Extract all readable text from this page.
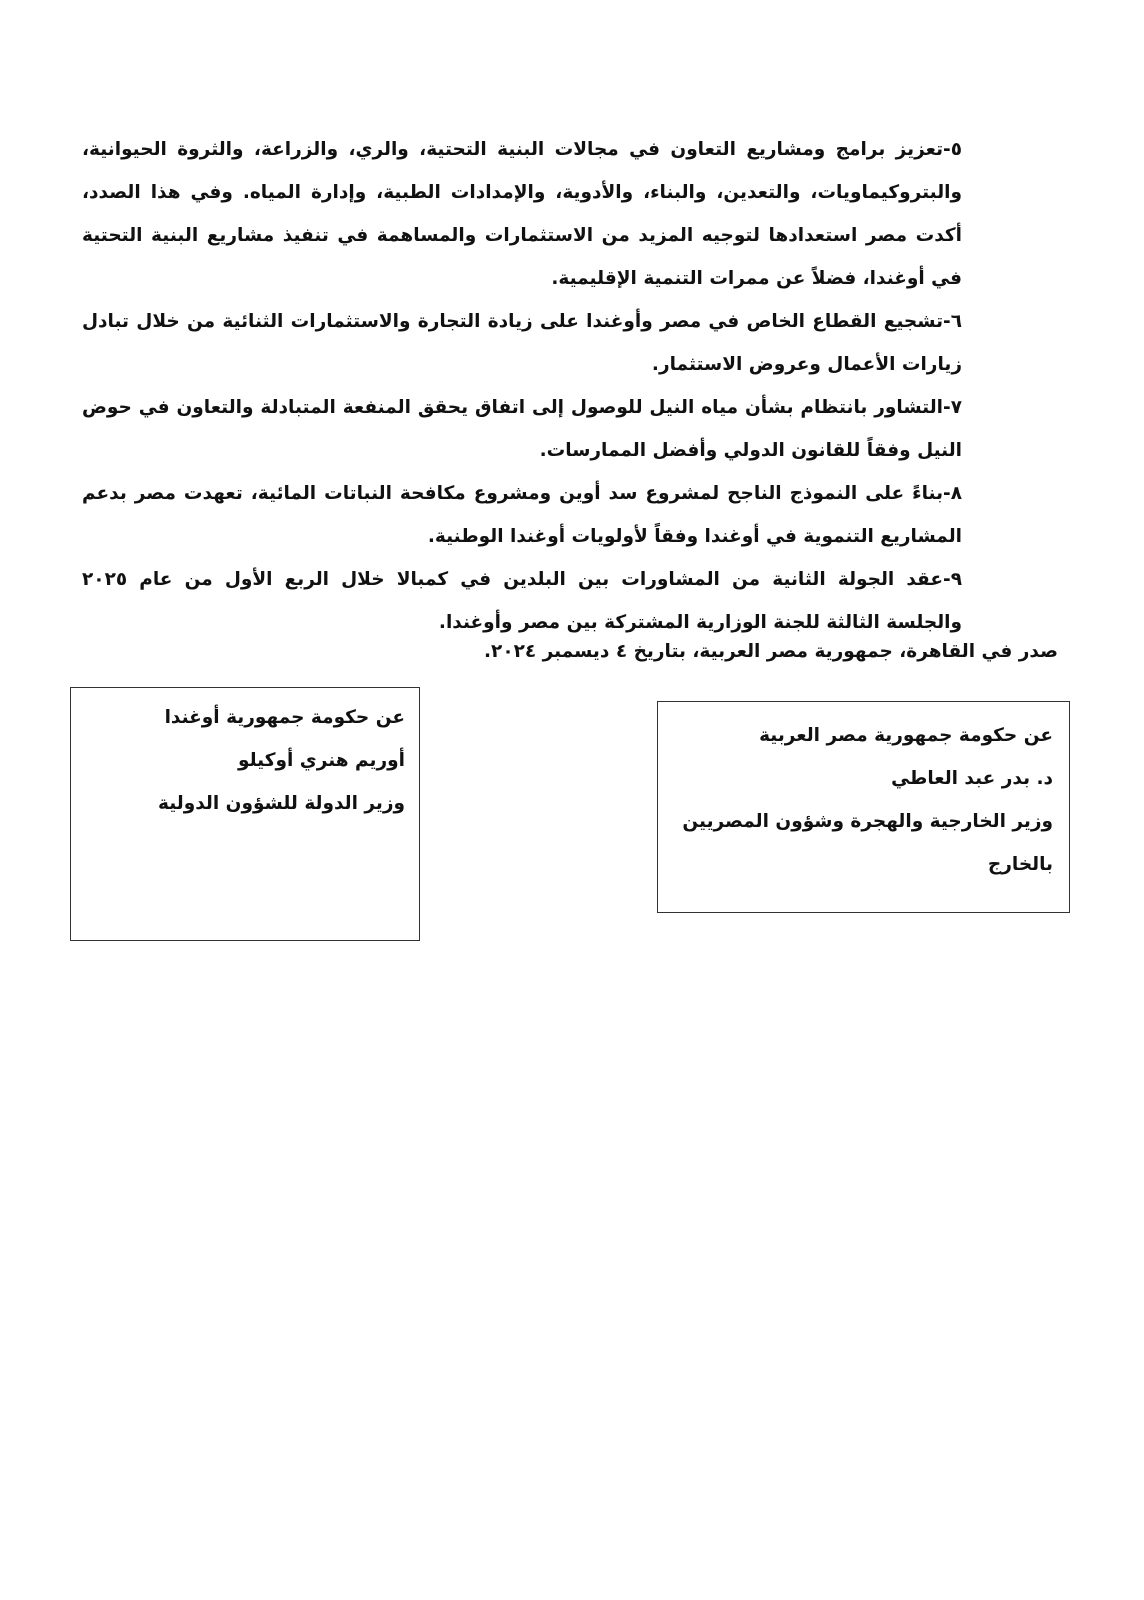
٥-تعزيز برامج ومشاريع التعاون في مجالات البنية التحتية، والري، والزراعة، والثروة الحيوانية، والبتروكيماويات، والتعدين، والبناء، والأدوية، والإمدادات الطبية، وإدارة المياه. وفي هذا الصدد، أكدت مصر استعدادها لتوجيه المزيد من الاستثمارات والمساهمة في تنفيذ مشاريع البنية التحتية في أوغندا، فضلاً عن ممرات التنمية الإقليمية.

٦-تشجيع القطاع الخاص في مصر وأوغندا على زيادة التجارة والاستثمارات الثنائية من خلال تبادل زيارات الأعمال وعروض الاستثمار.

٧-التشاور بانتظام بشأن مياه النيل للوصول إلى اتفاق يحقق المنفعة المتبادلة والتعاون في حوض النيل وفقاً للقانون الدولي وأفضل الممارسات.

٨-بناءً على النموذج الناجح لمشروع سد أوين ومشروع مكافحة النباتات المائية، تعهدت مصر بدعم المشاريع التنموية في أوغندا وفقاً لأولويات أوغندا الوطنية.

٩-عقد الجولة الثانية من المشاورات بين البلدين في كمبالا خلال الربع الأول من عام ٢٠٢٥ والجلسة الثالثة للجنة الوزارية المشتركة بين مصر وأوغندا.

صدر في القاهرة، جمهورية مصر العربية، بتاريخ ٤ ديسمبر ٢٠٢٤.
عن حكومة جمهورية مصر العربية
د. بدر عبد العاطي
وزير الخارجية والهجرة وشؤون المصريين
بالخارج
عن حكومة جمهورية أوغندا
أوريم هنري أوكيلو
وزير الدولة للشؤون الدولية
